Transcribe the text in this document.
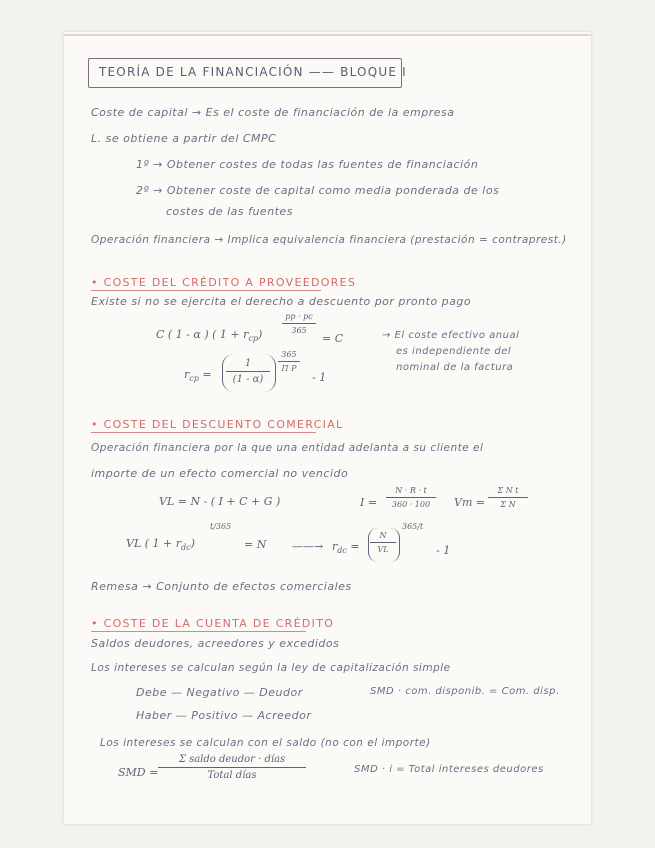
TEORÍA DE LA FINANCIACIÓN —— BLOQUE I
Coste de capital → Es el coste de financiación de la empresa
L. se obtiene a partir del CMPC
1º → Obtener costes de todas las fuentes de financiación
2º → Obtener coste de capital como media ponderada de los
costes de las fuentes
Operación financiera → Implica equivalencia financiera (prestación = contraprest.)
• COSTE DEL CRÉDITO A PROVEEDORES
Existe si no se ejercita el derecho a descuento por pronto pago
C ( 1 - α ) ( $1 + r_{cp}$)
pp · pc
365
= C
$r_{cp}$ =
1
(1 - α)
365
Π P
- 1
→ El coste efectivo anual
es independiente del
nominal de la factura
• COSTE DEL DESCUENTO COMERCIAL
Operación financiera por la que una entidad adelanta a su cliente el
importe de un efecto comercial no vencido
VL = N - ( I + C + G )	I =
N · R · t
360 · 100	Vm =
Σ N t
Σ N
VL ( $1 + r_{dc}$)
t/365
= N ——→ $r_{dc}$ =
N
VL
365/t
- 1
Remesa → Conjunto de efectos comerciales
• COSTE DE LA CUENTA DE CRÉDITO
Saldos deudores, acreedores y excedidos
Los intereses se calculan según la ley de capitalización simple
Debe — Negativo — Deudor
Haber — Positivo — Acreedor
SMD · com. disponib. = Com. disp.
Los intereses se calculan con el saldo (no con el importe)
SMD =
Σ saldo deudor · días
Total días
SMD · i = Total intereses deudores
